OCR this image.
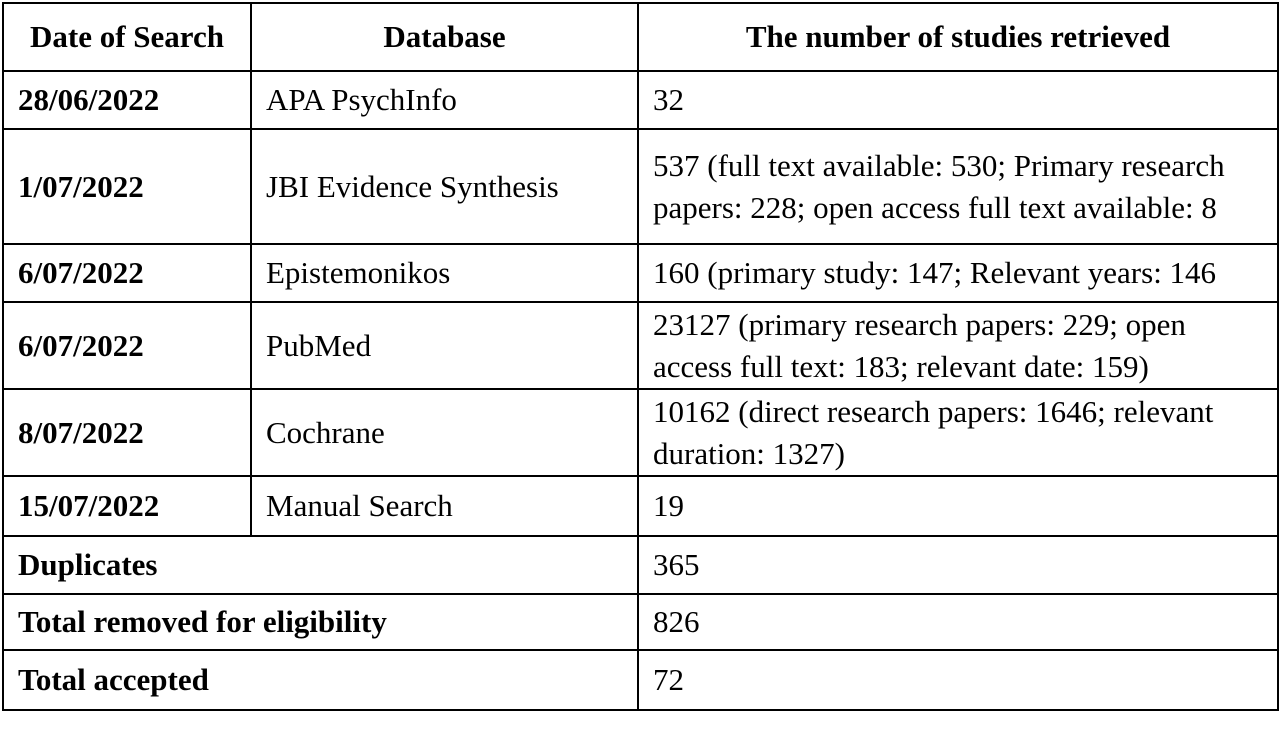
Date of Search	Database	The number of studies retrieved
28/06/2022	APA PsychInfo	32
1/07/2022	JBI Evidence Synthesis	537 (full text available: 530; Primary research papers: 228; open access full text available: 8
6/07/2022	Epistemonikos	160 (primary study: 147; Relevant years: 146
6/07/2022	PubMed	23127 (primary research papers: 229; open access full text: 183; relevant date: 159)
8/07/2022	Cochrane	10162 (direct research papers: 1646; relevant duration: 1327)
15/07/2022	Manual Search	19
Duplicates		365
Total removed for eligibility		826
Total accepted		72
